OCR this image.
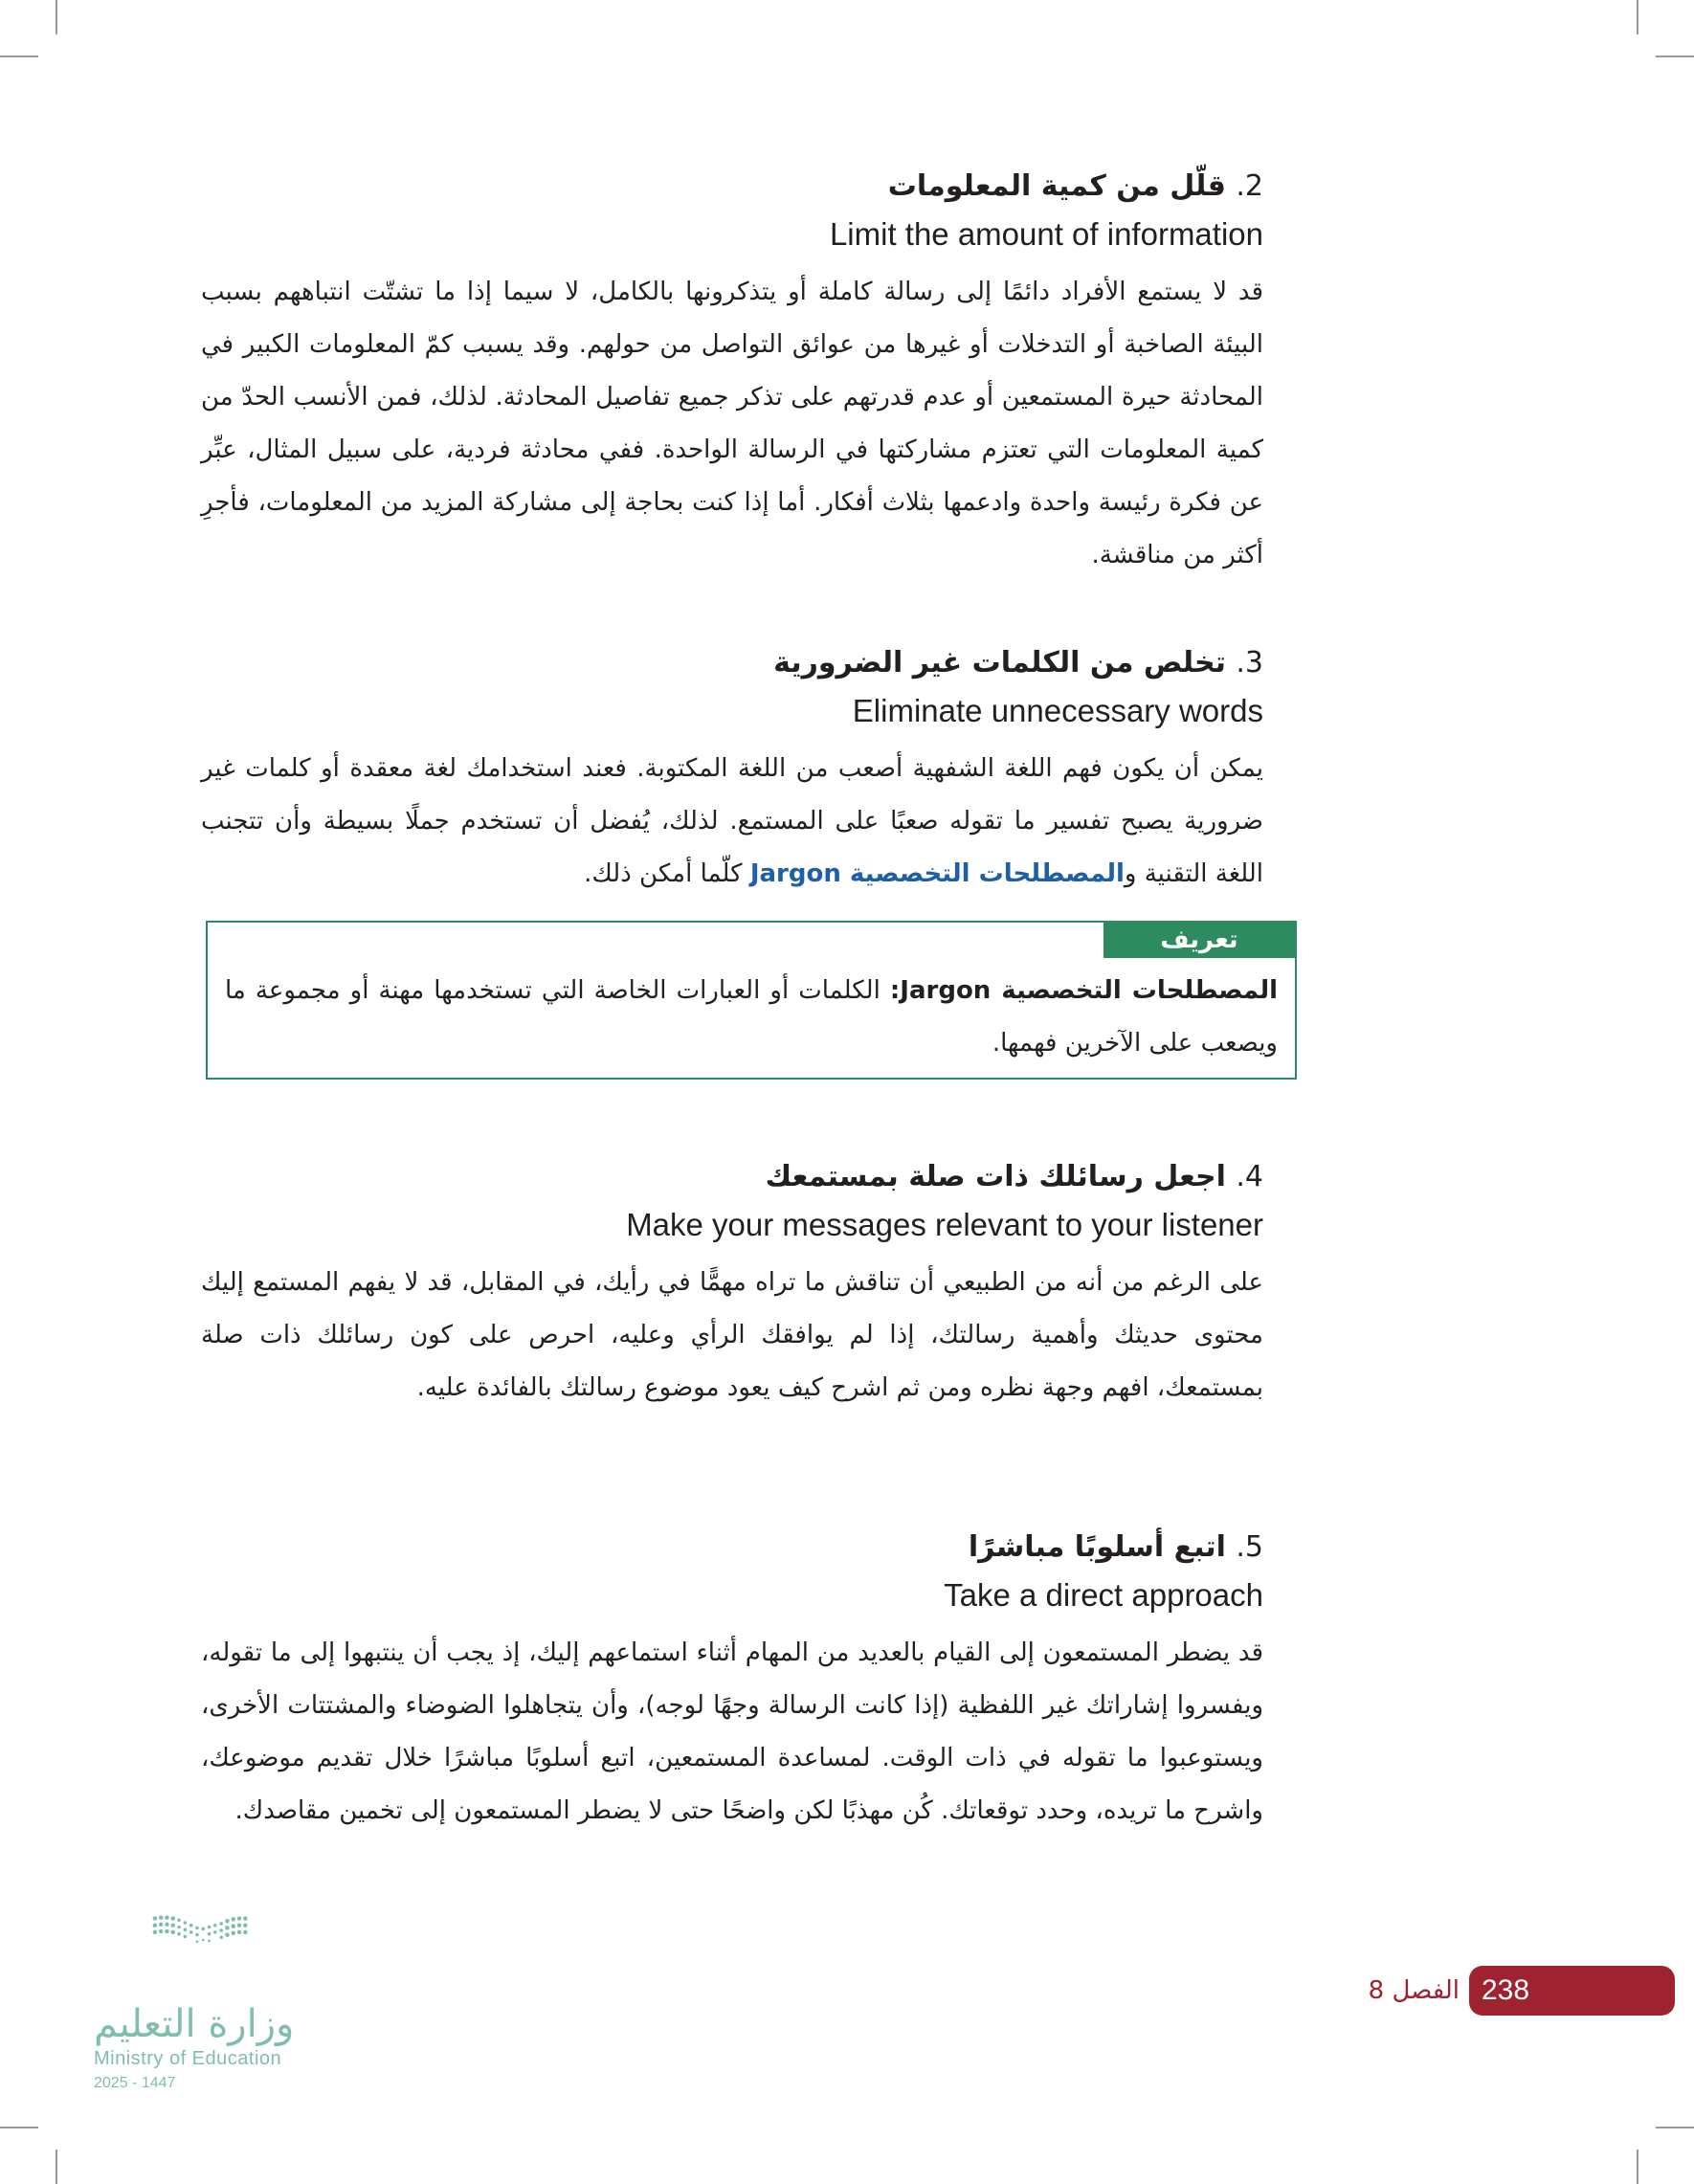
2. قلّل من كمية المعلومات
Limit the amount of information
قد لا يستمع الأفراد دائمًا إلى رسالة كاملة أو يتذكرونها بالكامل، لا سيما إذا ما تشتّت انتباههم بسبب البيئة الصاخبة أو التدخلات أو غيرها من عوائق التواصل من حولهم. وقد يسبب كمّ المعلومات الكبير في المحادثة حيرة المستمعين أو عدم قدرتهم على تذكر جميع تفاصيل المحادثة. لذلك، فمن الأنسب الحدّ من كمية المعلومات التي تعتزم مشاركتها في الرسالة الواحدة. ففي محادثة فردية، على سبيل المثال، عبِّر عن فكرة رئيسة واحدة وادعمها بثلاث أفكار. أما إذا كنت بحاجة إلى مشاركة المزيد من المعلومات، فأجرِ أكثر من مناقشة.
3. تخلص من الكلمات غير الضرورية
Eliminate unnecessary words
يمكن أن يكون فهم اللغة الشفهية أصعب من اللغة المكتوبة. فعند استخدامك لغة معقدة أو كلمات غير ضرورية يصبح تفسير ما تقوله صعبًا على المستمع. لذلك، يُفضل أن تستخدم جملًا بسيطة وأن تتجنب اللغة التقنية والمصطلحات التخصصية Jargon كلّما أمكن ذلك.
تعريف
المصطلحات التخصصية Jargon: الكلمات أو العبارات الخاصة التي تستخدمها مهنة أو مجموعة ما ويصعب على الآخرين فهمها.
4. اجعل رسائلك ذات صلة بمستمعك
Make your messages relevant to your listener
على الرغم من أنه من الطبيعي أن تناقش ما تراه مهمًّا في رأيك، في المقابل، قد لا يفهم المستمع إليك محتوى حديثك وأهمية رسالتك، إذا لم يوافقك الرأي وعليه، احرص على كون رسائلك ذات صلة بمستمعك، افهم وجهة نظره ومن ثم اشرح كيف يعود موضوع رسالتك بالفائدة عليه.
5. اتبع أسلوبًا مباشرًا
Take a direct approach
قد يضطر المستمعون إلى القيام بالعديد من المهام أثناء استماعهم إليك، إذ يجب أن ينتبهوا إلى ما تقوله، ويفسروا إشاراتك غير اللفظية (إذا كانت الرسالة وجهًا لوجه)، وأن يتجاهلوا الضوضاء والمشتتات الأخرى، ويستوعبوا ما تقوله في ذات الوقت. لمساعدة المستمعين، اتبع أسلوبًا مباشرًا خلال تقديم موضوعك، واشرح ما تريده، وحدد توقعاتك. كُن مهذبًا لكن واضحًا حتى لا يضطر المستمعون إلى تخمين مقاصدك.
وزارة التعليم
Ministry of Education
2025 - 1447
238
الفصل 8
